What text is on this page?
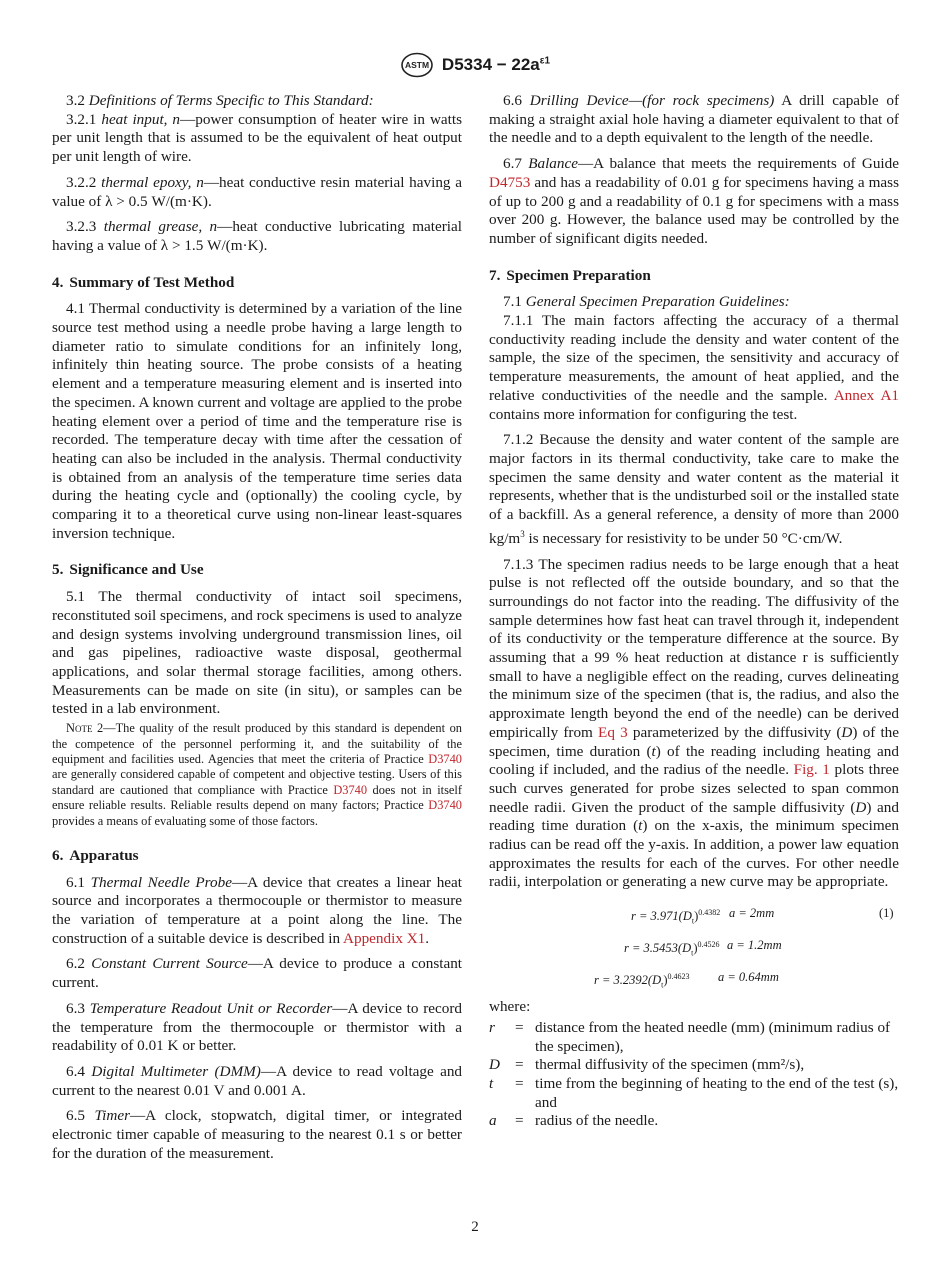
ASTM $D5334 - 22a^{\varepsilon 1}$

3.2 Definitions of Terms Specific to This Standard:

3.2.1 heat input, n—power consumption of heater wire in watts per unit length that is assumed to be the equivalent of heat output per unit length of wire.

3.2.2 thermal epoxy, n—heat conductive resin material having a value of λ > 0.5 W/(m·K).

3.2.3 thermal grease, n—heat conductive lubricating material having a value of λ > 1.5 W/(m·K).

4. Summary of Test Method

4.1 Thermal conductivity is determined by a variation of the line source test method using a needle probe having a large length to diameter ratio to simulate conditions for an infinitely long, infinitely thin heating source. The probe consists of a heating element and a temperature measuring element and is inserted into the specimen. A known current and voltage are applied to the probe heating element over a period of time and the temperature rise is recorded. The temperature decay with time after the cessation of heating can also be included in the analysis. Thermal conductivity is obtained from an analysis of the temperature time series data during the heating cycle and (optionally) the cooling cycle, by comparing it to a theoretical curve using non-linear least-squares inversion technique.

5. Significance and Use

5.1 The thermal conductivity of intact soil specimens, reconstituted soil specimens, and rock specimens is used to analyze and design systems involving underground transmission lines, oil and gas pipelines, radioactive waste disposal, geothermal applications, and solar thermal storage facilities, among others. Measurements can be made on site (in situ), or samples can be tested in a lab environment.

Note 2—The quality of the result produced by this standard is dependent on the competence of the personnel performing it, and the suitability of the equipment and facilities used. Agencies that meet the criteria of Practice D3740 are generally considered capable of competent and objective testing. Users of this standard are cautioned that compliance with Practice D3740 does not in itself ensure reliable results. Reliable results depend on many factors; Practice D3740 provides a means of evaluating some of those factors.
6. Apparatus

6.1 Thermal Needle Probe—A device that creates a linear heat source and incorporates a thermocouple or thermistor to measure the variation of temperature at a point along the line. The construction of a suitable device is described in Appendix X1.

6.2 Constant Current Source—A device to produce a constant current.

6.3 Temperature Readout Unit or Recorder—A device to record the temperature from the thermocouple or thermistor with a readability of 0.01 K or better.

6.4 Digital Multimeter (DMM)—A device to read voltage and current to the nearest 0.01 V and 0.001 A.

6.5 Timer—A clock, stopwatch, digital timer, or integrated electronic timer capable of measuring to the nearest 0.1 s or better for the duration of the measurement.

6.6 Drilling Device—(for rock specimens) A drill capable of making a straight axial hole having a diameter equivalent to that of the needle and to a depth equivalent to the length of the needle.

6.7 Balance—A balance that meets the requirements of Guide D4753 and has a readability of 0.01 g for specimens having a mass of up to 200 g and a readability of 0.1 g for specimens with a mass over 200 g. However, the balance used may be controlled by the number of significant digits needed.

7. Specimen Preparation

7.1 General Specimen Preparation Guidelines:

7.1.1 The main factors affecting the accuracy of a thermal conductivity reading include the density and water content of the sample, the size of the specimen, the sensitivity and accuracy of temperature measurements, the amount of heat applied, and the relative conductivities of the needle and the sample. Annex A1 contains more information for configuring the test.

7.1.2 Because the density and water content of the sample are major factors in its thermal conductivity, take care to make the specimen the same density and water content as the material it represents, whether that is the undisturbed soil or the installed state of a backfill. As a general reference, a density of more than 2000 $kg/m^3$ is necessary for resistivity to be under 50 °C·cm/W.

7.1.3 The specimen radius needs to be large enough that a heat pulse is not reflected off the outside boundary, and so that the surroundings do not factor into the reading. The diffusivity of the sample determines how fast heat can travel through it, independent of its conductivity or the temperature difference at the source. By assuming that a 99 % heat reduction at distance r is sufficiently small to have a negligible effect on the reading, curves delineating the minimum size of the specimen (that is, the radius, and also the approximate length beyond the end of the needle) can be derived empirically from Eq 3 parameterized by the diffusivity (D) of the specimen, time duration (t) of the reading including heating and cooling if included, and the radius of the needle. Fig. 1 plots three such curves generated for probe sizes selected to span common needle radii. Given the product of the sample diffusivity (D) and reading time duration (t) on the x-axis, the minimum specimen radius can be read off the y-axis. In addition, a power law equation approximates the results for each of the curves. For other needle radii, interpolation or generating a new curve may be appropriate.

$r = 3.971(D_t)^{0.4382}$ a = 2mm	(1)
$r = 3.5453(D_t)^{0.4526}$ a = 1.2mm
$r = 3.2392(D_t)^{0.4623}$ a = 0.64mm
where:
r	= distance from the heated needle (mm) (minimum radius of the specimen),
D = thermal diffusivity of the specimen (mm²/s),
t	= time from the beginning of heating to the end of the test (s), and
a	= radius of the needle.
2
